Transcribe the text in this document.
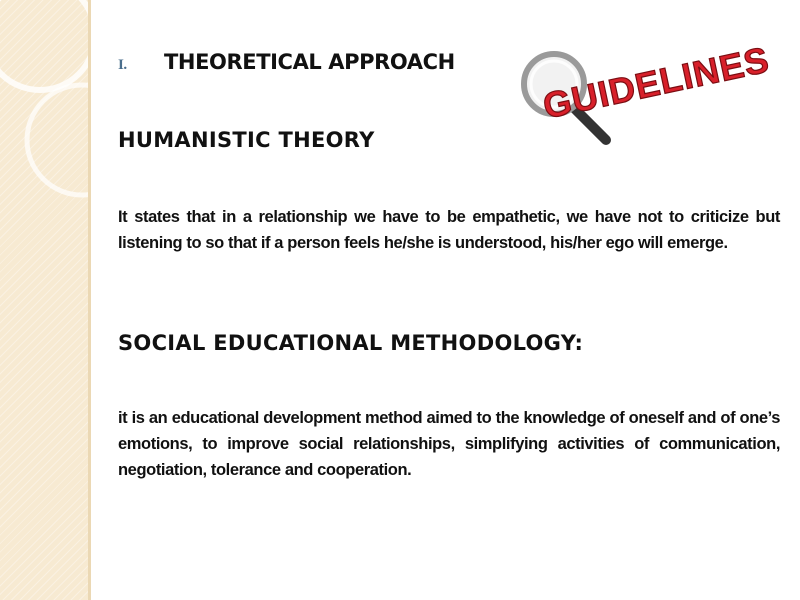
I. THEORETICAL APPROACH	GUIDELINES
HUMANISTIC THEORY
It states that in a relationship we have to be empathetic, we have not to criticize but listening to so that if a person feels he/she is understood, his/her ego will emerge.
SOCIAL EDUCATIONAL METHODOLOGY:
it is an educational development method aimed to the knowledge of oneself and of one’s emotions, to improve social relationships, simplifying activities of communication, negotiation, tolerance and cooperation.
